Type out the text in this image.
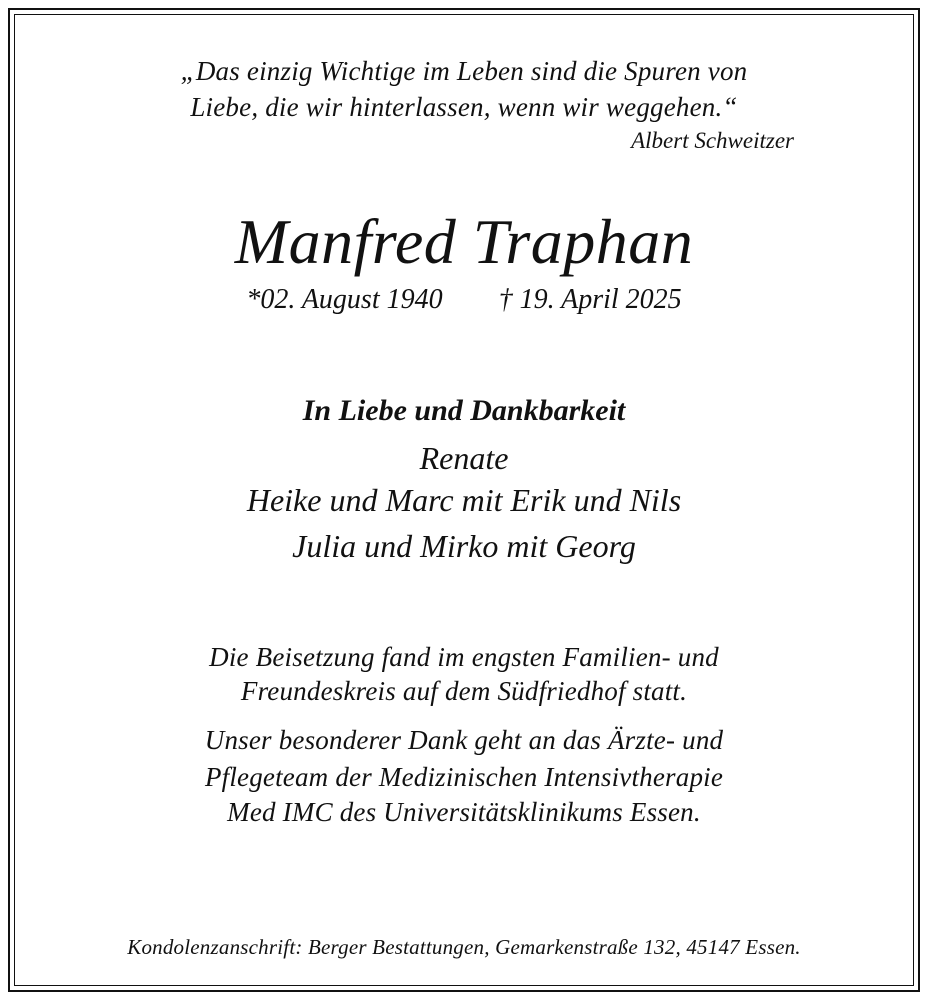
„Das einzig Wichtige im Leben sind die Spuren von
Liebe, die wir hinterlassen, wenn wir weggehen.“
Albert Schweitzer
Manfred Traphan
*02. August 1940 † 19. April 2025
In Liebe und Dankbarkeit
Renate
Heike und Marc mit Erik und Nils
Julia und Mirko mit Georg
Die Beisetzung fand im engsten Familien- und
Freundeskreis auf dem Südfriedhof statt.
Unser besonderer Dank geht an das Ärzte- und
Pflegeteam der Medizinischen Intensivtherapie
Med IMC des Universitätsklinikums Essen.
Kondolenzanschrift: Berger Bestattungen, Gemarkenstraße 132, 45147 Essen.
